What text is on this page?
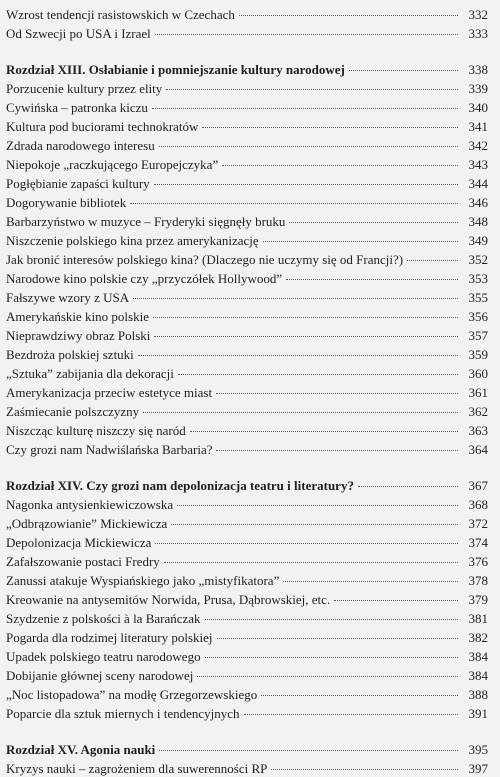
Wzrost tendencji rasistowskich w Czechach	332
Od Szwecji po USA i Izrael	333
Rozdział XIII. Osłabianie i pomniejszanie kultury narodowej	338
Porzucenie kultury przez elity	339
Cywińska – patronka kiczu	340
Kultura pod buciorami technokratów	341
Zdrada narodowego interesu	342
Niepokoje „raczkującego Europejczyka”	343
Pogłębianie zapaści kultury	344
Dogorywanie bibliotek	346
Barbarzyństwo w muzyce – Fryderyki sięgnęły bruku	348
Niszczenie polskiego kina przez amerykanizację	349
Jak bronić interesów polskiego kina? (Dlaczego nie uczymy się od Francji?)	352
Narodowe kino polskie czy „przyczółek Hollywood”	353
Fałszywe wzory z USA	355
Amerykańskie kino polskie	356
Nieprawdziwy obraz Polski	357
Bezdroża polskiej sztuki	359
„Sztuka” zabijania dla dekoracji	360
Amerykanizacja przeciw estetyce miast	361
Zaśmiecanie polszczyzny	362
Niszcząc kulturę niszczy się naród	363
Czy grozi nam Nadwiślańska Barbaria?	364
Rozdział XIV. Czy grozi nam depolonizacja teatru i literatury?	367
Nagonka antysienkiewiczowska	368
„Odbrązowianie” Mickiewicza	372
Depolonizacja Mickiewicza	374
Zafałszowanie postaci Fredry	376
Zanussi atakuje Wyspiańskiego jako „mistyfikatora”	378
Kreowanie na antysemitów Norwida, Prusa, Dąbrowskiej, etc.	379
Szydzenie z polskości à la Barańczak	381
Pogarda dla rodzimej literatury polskiej	382
Upadek polskiego teatru narodowego	384
Dobijanie głównej sceny narodowej	384
„Noc listopadowa” na modłę Grzegorzewskiego	388
Poparcie dla sztuk miernych i tendencyjnych	391
Rozdział XV. Agonia nauki	395
Kryzys nauki – zagrożeniem dla suwerenności RP	397
